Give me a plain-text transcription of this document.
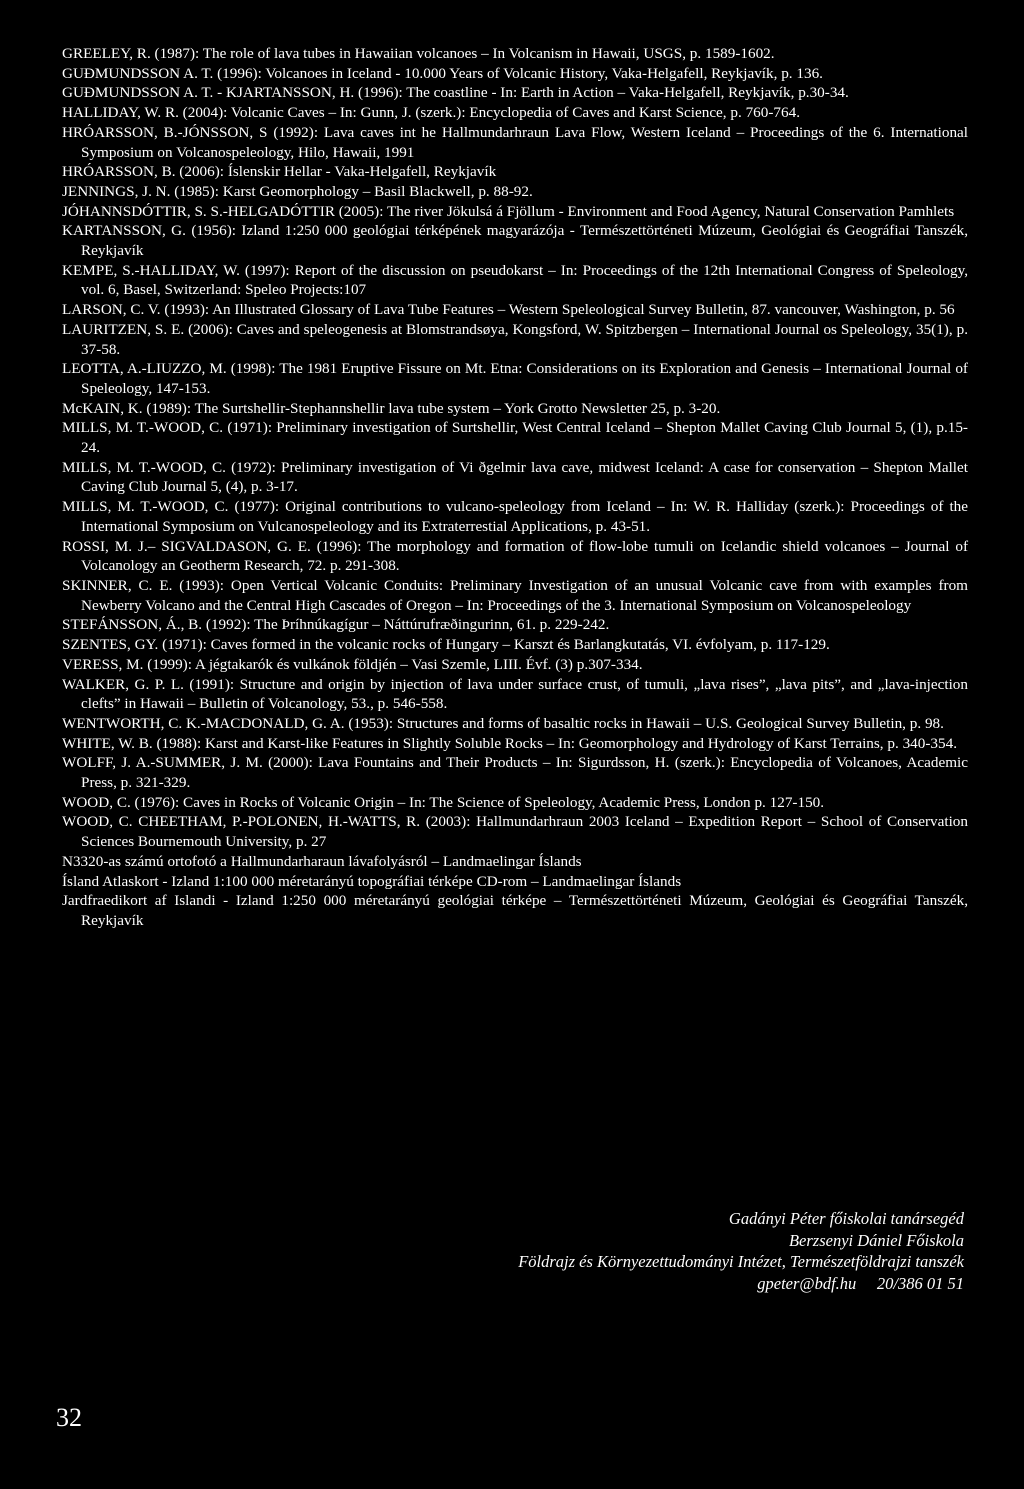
GREELEY, R. (1987): The role of lava tubes in Hawaiian volcanoes – In Volcanism in Hawaii, USGS, p. 1589-1602.

GUÐMUNDSSON A. T. (1996): Volcanoes in Iceland - 10.000 Years of Volcanic History, Vaka-Helgafell, Reykjavík, p. 136.

GUÐMUNDSSON A. T. - KJARTANSSON, H. (1996): The coastline - In: Earth in Action – Vaka-Helgafell, Reykjavík, p.30-34.

HALLIDAY, W. R. (2004): Volcanic Caves – In: Gunn, J. (szerk.): Encyclopedia of Caves and Karst Science, p. 760-764.

HRÓARSSON, B.-JÓNSSON, S (1992): Lava caves int he Hallmundarhraun Lava Flow, Western Iceland – Proceedings of the 6. International Symposium on Volcanospeleology, Hilo, Hawaii, 1991

HRÓARSSON, B. (2006): Íslenskir Hellar - Vaka-Helgafell, Reykjavík

JENNINGS, J. N. (1985): Karst Geomorphology – Basil Blackwell, p. 88-92.

JÓHANNSDÓTTIR, S. S.-HELGADÓTTIR (2005): The river Jökulsá á Fjöllum - Environment and Food Agency, Natural Conservation Pamhlets

KARTANSSON, G. (1956): Izland 1:250 000 geológiai térképének magyarázója - Természettörténeti Múzeum, Geológiai és Geográfiai Tanszék, Reykjavík

KEMPE, S.-HALLIDAY, W. (1997): Report of the discussion on pseudokarst – In: Proceedings of the 12th International Congress of Speleology, vol. 6, Basel, Switzerland: Speleo Projects:107

LARSON, C. V. (1993): An Illustrated Glossary of Lava Tube Features – Western Speleological Survey Bulletin, 87. vancouver, Washington, p. 56

LAURITZEN, S. E. (2006): Caves and speleogenesis at Blomstrandsøya, Kongsford, W. Spitzbergen – International Journal os Speleology, 35(1), p. 37-58.

LEOTTA, A.-LIUZZO, M. (1998): The 1981 Eruptive Fissure on Mt. Etna: Considerations on its Exploration and Genesis – International Journal of Speleology, 147-153.

McKAIN, K. (1989): The Surtshellir-Stephannshellir lava tube system – York Grotto Newsletter 25, p. 3-20.

MILLS, M. T.-WOOD, C. (1971): Preliminary investigation of Surtshellir, West Central Iceland – Shepton Mallet Caving Club Journal 5, (1), p.15-24.

MILLS, M. T.-WOOD, C. (1972): Preliminary investigation of Vi ðgelmir lava cave, midwest Iceland: A case for conservation – Shepton Mallet Caving Club Journal 5, (4), p. 3-17.

MILLS, M. T.-WOOD, C. (1977): Original contributions to vulcano-speleology from Iceland – In: W. R. Halliday (szerk.): Proceedings of the International Symposium on Vulcanospeleology and its Extraterrestial Applications, p. 43-51.

ROSSI, M. J.– SIGVALDASON, G. E. (1996): The morphology and formation of flow-lobe tumuli on Icelandic shield volcanoes – Journal of Volcanology an Geotherm Research, 72. p. 291-308.

SKINNER, C. E. (1993): Open Vertical Volcanic Conduits: Preliminary Investigation of an unusual Volcanic cave from with examples from Newberry Volcano and the Central High Cascades of Oregon – In: Proceedings of the 3. International Symposium on Volcanospeleology

STEFÁNSSON, Á., B. (1992): The Þríhnúkagígur – Náttúrufræðingurinn, 61. p. 229-242.

SZENTES, GY. (1971): Caves formed in the volcanic rocks of Hungary – Karszt és Barlangkutatás, VI. évfolyam, p. 117-129.

VERESS, M. (1999): A jégtakarók és vulkánok földjén – Vasi Szemle, LIII. Évf. (3) p.307-334.

WALKER, G. P. L. (1991): Structure and origin by injection of lava under surface crust, of tumuli, „lava rises”, „lava pits”, and „lava-injection clefts” in Hawaii – Bulletin of Volcanology, 53., p. 546-558.

WENTWORTH, C. K.-MACDONALD, G. A. (1953): Structures and forms of basaltic rocks in Hawaii – U.S. Geological Survey Bulletin, p. 98.

WHITE, W. B. (1988): Karst and Karst-like Features in Slightly Soluble Rocks – In: Geomorphology and Hydrology of Karst Terrains, p. 340-354.

WOLFF, J. A.-SUMMER, J. M. (2000): Lava Fountains and Their Products – In: Sigurdsson, H. (szerk.): Encyclopedia of Volcanoes, Academic Press, p. 321-329.

WOOD, C. (1976): Caves in Rocks of Volcanic Origin – In: The Science of Speleology, Academic Press, London p. 127-150.

WOOD, C. CHEETHAM, P.-POLONEN, H.-WATTS, R. (2003): Hallmundarhraun 2003 Iceland – Expedition Report – School of Conservation Sciences Bournemouth University, p. 27

N3320-as számú ortofotó a Hallmundarharaun lávafolyásról – Landmaelingar Íslands

Ísland Atlaskort - Izland 1:100 000 méretarányú topográfiai térképe CD-rom – Landmaelingar Íslands

Jardfraedikort af Islandi - Izland 1:250 000 méretarányú geológiai térképe – Természettörténeti Múzeum, Geológiai és Geográfiai Tanszék, Reykjavík

Gadányi Péter főiskolai tanársegéd
Berzsenyi Dániel Főiskola
Földrajz és Környezettudományi Intézet, Természetföldrajzi tanszék
gpeter@bdf.hu     20/386 01 51
32
